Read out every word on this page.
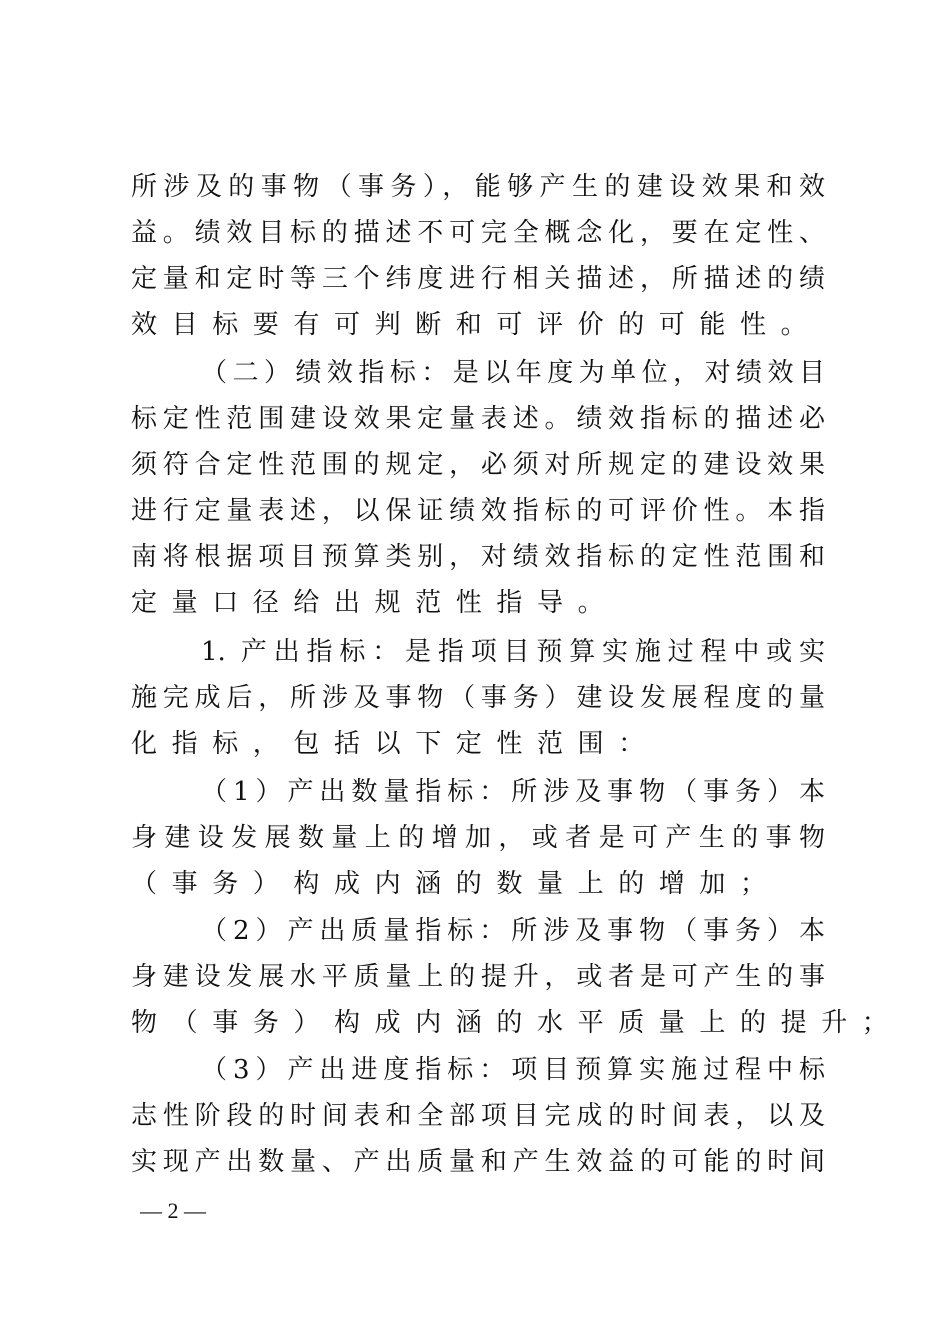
所涉及的事物（事务），能够产生的建设效果和效
益。绩效目标的描述不可完全概念化，要在定性、
定量和定时等三个纬度进行相关描述，所描述的绩
效目标要有可判断和可评价的可能性。
（二）绩效指标：是以年度为单位，对绩效目
标定性范围建设效果定量表述。绩效指标的描述必
须符合定性范围的规定，必须对所规定的建设效果
进行定量表述，以保证绩效指标的可评价性。本指
南将根据项目预算类别，对绩效指标的定性范围和
定量口径给出规范性指导。
1. 产出指标：是指项目预算实施过程中或实
施完成后，所涉及事物（事务）建设发展程度的量
化指标，包括以下定性范围：
（1）产出数量指标：所涉及事物（事务）本
身建设发展数量上的增加，或者是可产生的事物
（事务）构成内涵的数量上的增加；
（2）产出质量指标：所涉及事物（事务）本
身建设发展水平质量上的提升，或者是可产生的事
物（事务）构成内涵的水平质量上的提升；
（3）产出进度指标：项目预算实施过程中标
志性阶段的时间表和全部项目完成的时间表，以及
实现产出数量、产出质量和产生效益的可能的时间
— 2 —
